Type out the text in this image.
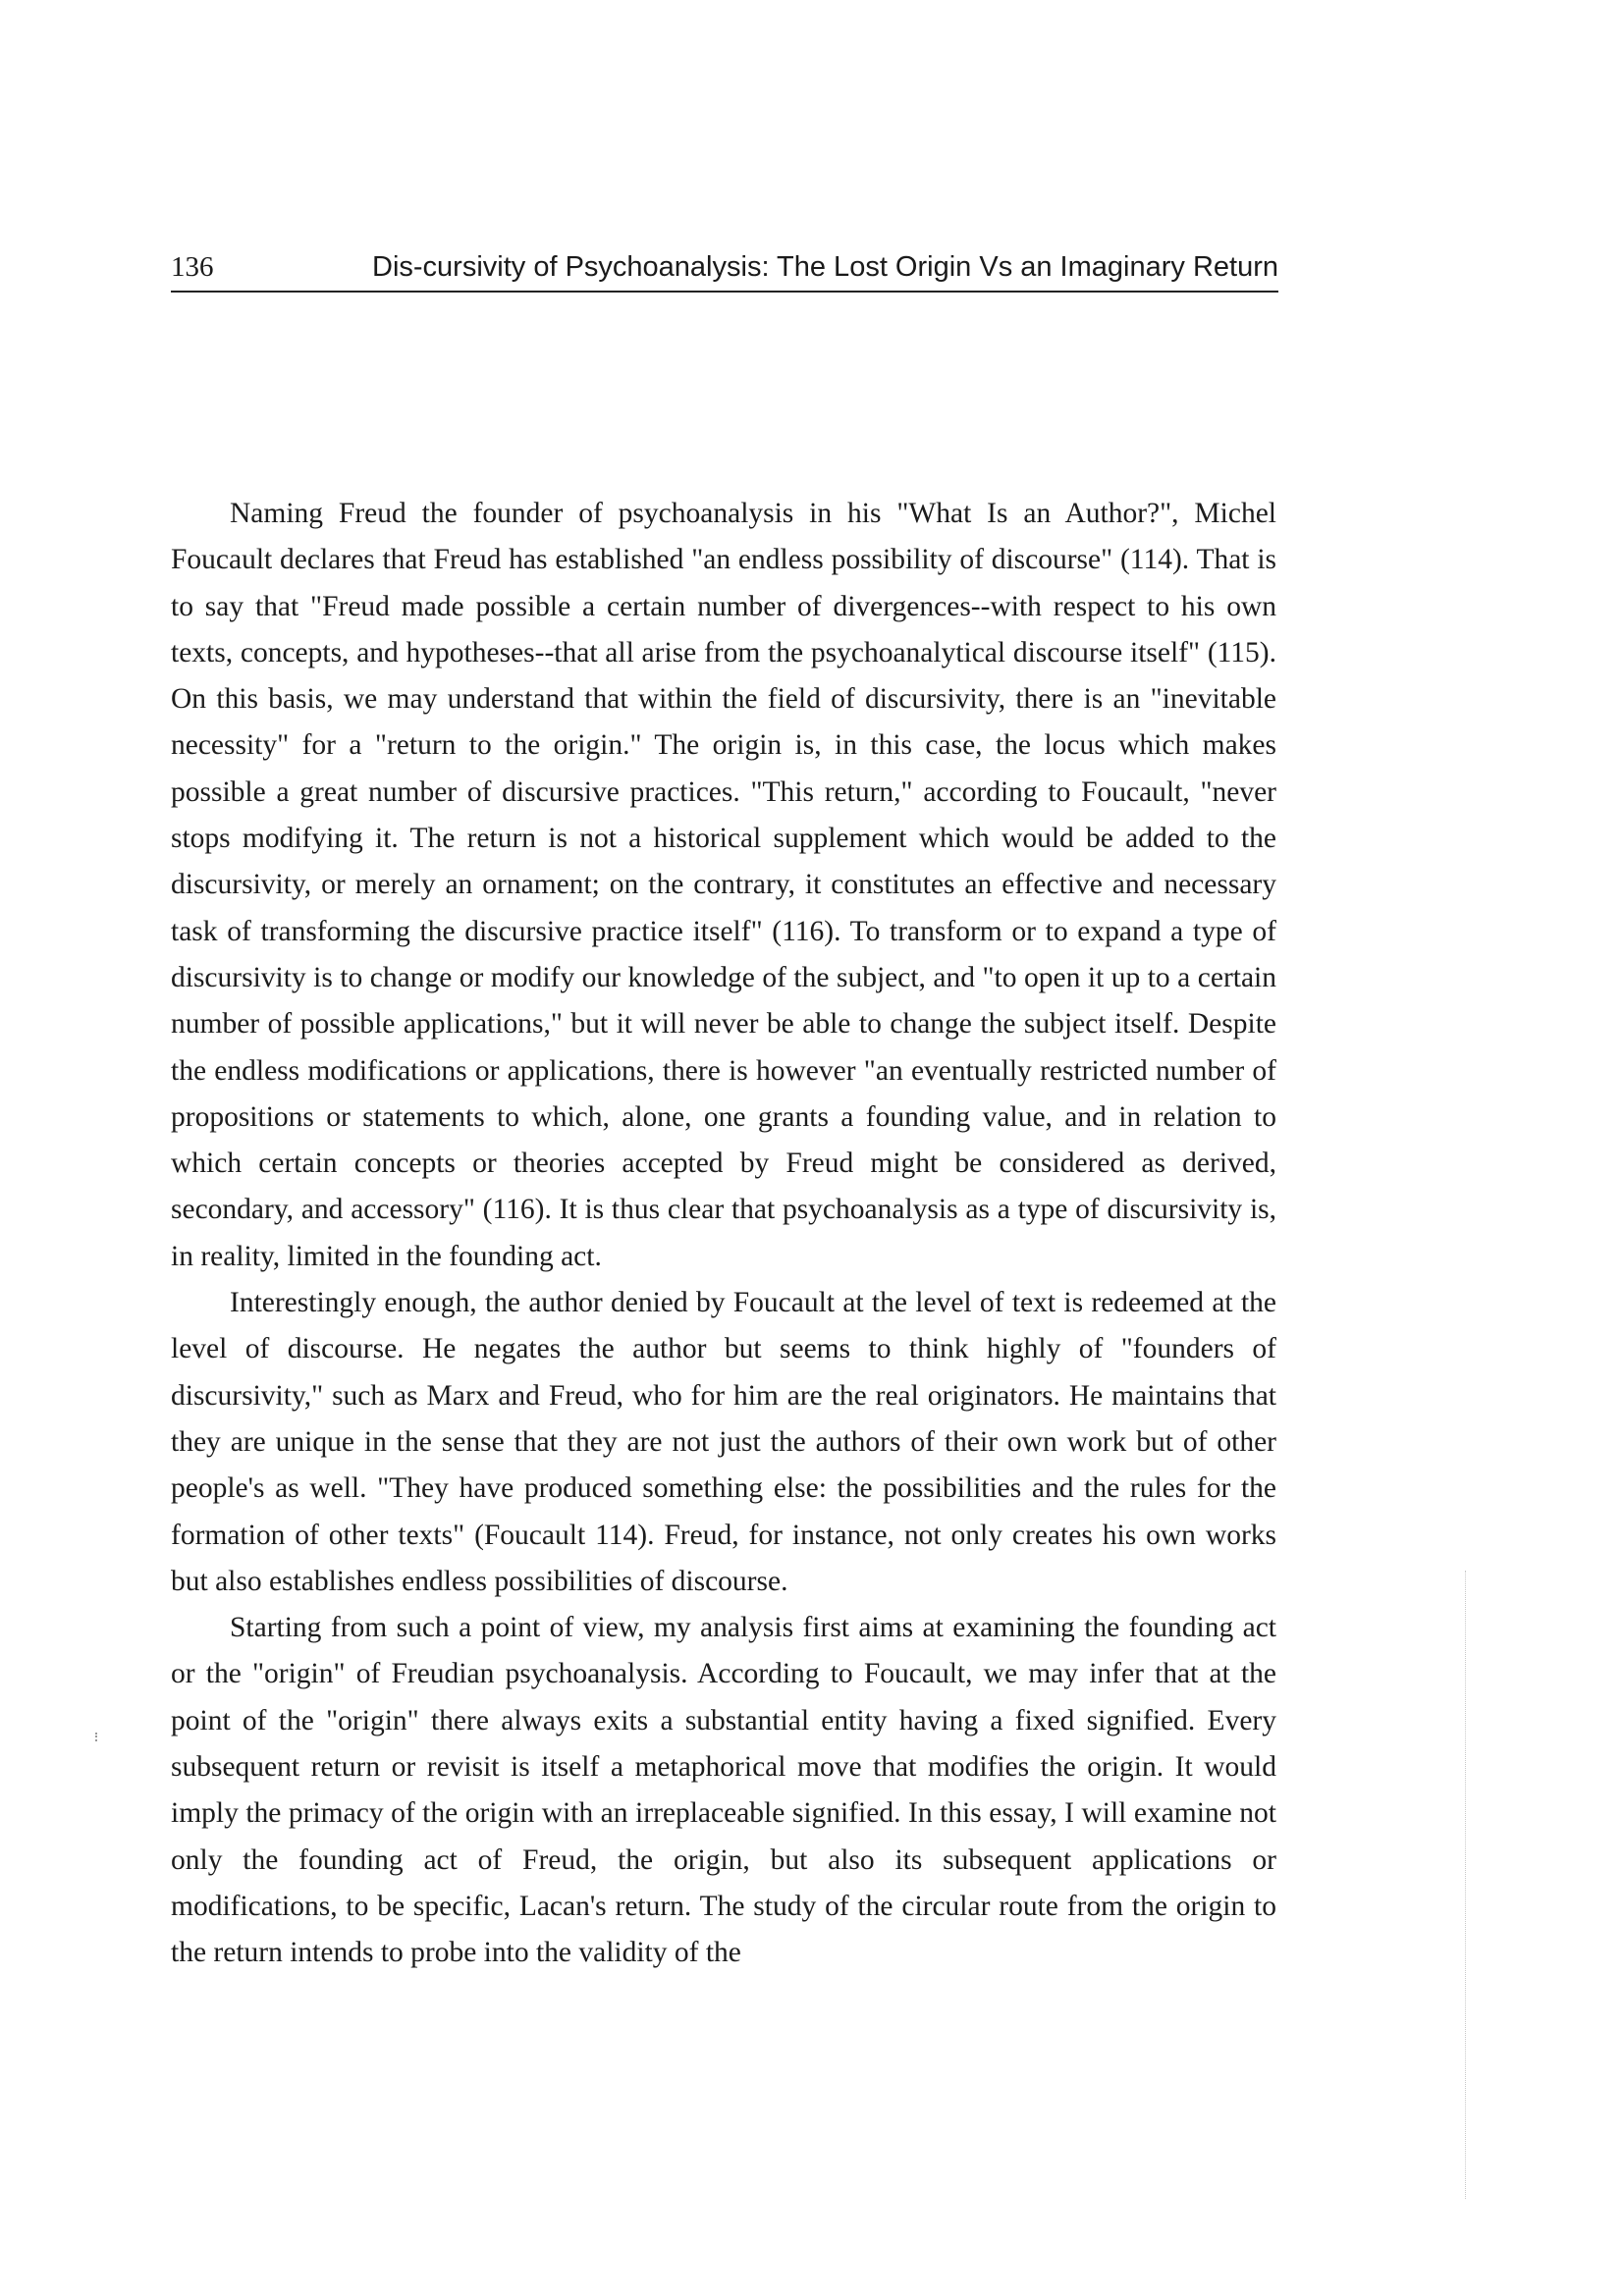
136	Dis-cursivity of Psychoanalysis: The Lost Origin Vs an Imaginary Return

Naming Freud the founder of psychoanalysis in his "What Is an Author?", Michel Foucault declares that Freud has established "an endless possibility of discourse" (114). That is to say that "Freud made possible a certain number of divergences--with respect to his own texts, concepts, and hypotheses--that all arise from the psychoanalytical discourse itself" (115). On this basis, we may understand that within the field of discursivity, there is an "inevitable necessity" for a "return to the origin." The origin is, in this case, the locus which makes possible a great number of discursive practices. "This return," according to Foucault, "never stops modifying it. The return is not a historical supplement which would be added to the discursivity, or merely an ornament; on the contrary, it constitutes an effective and necessary task of transforming the discursive practice itself" (116). To transform or to expand a type of discursivity is to change or modify our knowledge of the subject, and "to open it up to a certain number of possible applications," but it will never be able to change the subject itself. Despite the endless modifications or applications, there is however "an eventually restricted number of propositions or statements to which, alone, one grants a founding value, and in relation to which certain concepts or theories accepted by Freud might be considered as derived, secondary, and accessory" (116). It is thus clear that psychoanalysis as a type of discursivity is, in reality, limited in the founding act.

Interestingly enough, the author denied by Foucault at the level of text is redeemed at the level of discourse. He negates the author but seems to think highly of "founders of discursivity," such as Marx and Freud, who for him are the real originators. He maintains that they are unique in the sense that they are not just the authors of their own work but of other people's as well. "They have produced something else: the possibilities and the rules for the formation of other texts" (Foucault 114). Freud, for instance, not only creates his own works but also establishes endless possibilities of discourse.

Starting from such a point of view, my analysis first aims at examining the founding act or the "origin" of Freudian psychoanalysis. According to Foucault, we may infer that at the point of the "origin" there always exits a substantial entity having a fixed signified. Every subsequent return or revisit is itself a metaphorical move that modifies the origin. It would imply the primacy of the origin with an irreplaceable signified. In this essay, I will examine not only the founding act of Freud, the origin, but also its subsequent applications or modifications, to be specific, Lacan's return. The study of the circular route from the origin to the return intends to probe into the validity of the
